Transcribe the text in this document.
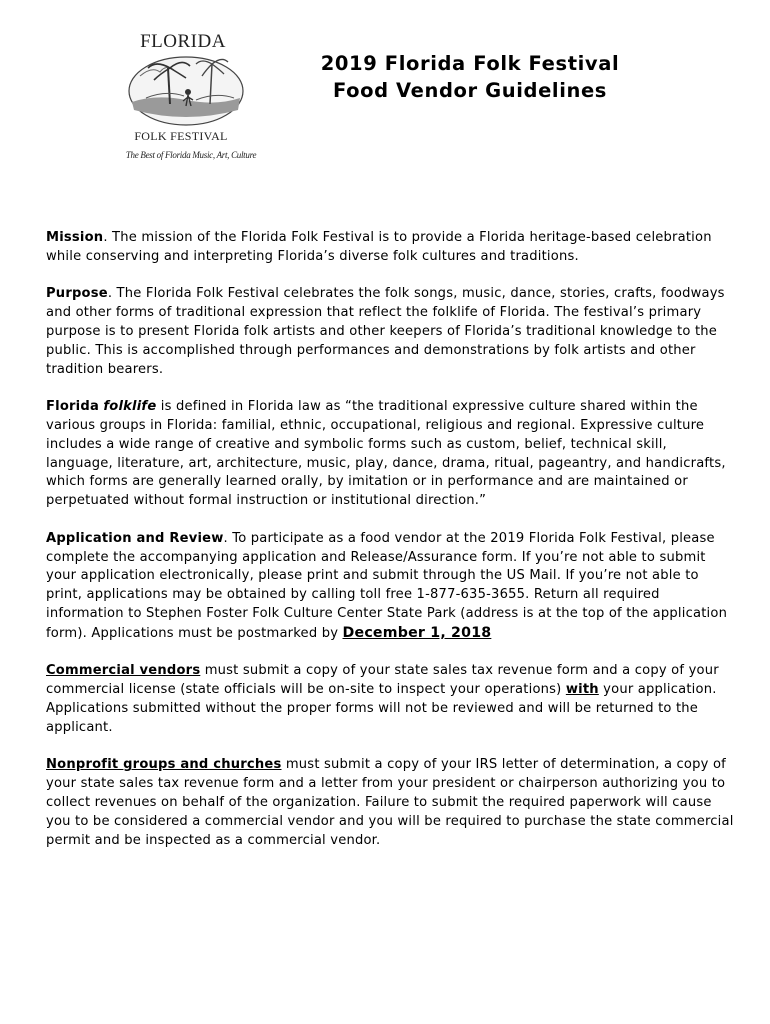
FLORIDA
FOLK FESTIVAL
The Best of Florida Music, Art, Culture
2019 Florida Folk Festival
Food Vendor Guidelines

Mission. The mission of the Florida Folk Festival is to provide a Florida heritage-based celebration while conserving and interpreting Florida’s diverse folk cultures and traditions.

Purpose. The Florida Folk Festival celebrates the folk songs, music, dance, stories, crafts, foodways and other forms of traditional expression that reflect the folklife of Florida. The festival’s primary purpose is to present Florida folk artists and other keepers of Florida’s traditional knowledge to the public. This is accomplished through performances and demonstrations by folk artists and other tradition bearers.

Florida folklife is defined in Florida law as “the traditional expressive culture shared within the various groups in Florida: familial, ethnic, occupational, religious and regional. Expressive culture includes a wide range of creative and symbolic forms such as custom, belief, technical skill, language, literature, art, architecture, music, play, dance, drama, ritual, pageantry, and handicrafts, which forms are generally learned orally, by imitation or in performance and are maintained or perpetuated without formal instruction or institutional direction.”

Application and Review. To participate as a food vendor at the 2019 Florida Folk Festival, please complete the accompanying application and Release/Assurance form. If you’re not able to submit your application electronically, please print and submit through the US Mail. If you’re not able to print, applications may be obtained by calling toll free 1-877-635-3655. Return all required information to Stephen Foster Folk Culture Center State Park (address is at the top of the application form). Applications must be postmarked by December 1, 2018

Commercial vendors must submit a copy of your state sales tax revenue form and a copy of your commercial license (state officials will be on-site to inspect your operations) with your application. Applications submitted without the proper forms will not be reviewed and will be returned to the applicant.

Nonprofit groups and churches must submit a copy of your IRS letter of determination, a copy of your state sales tax revenue form and a letter from your president or chairperson authorizing you to collect revenues on behalf of the organization. Failure to submit the required paperwork will cause you to be considered a commercial vendor and you will be required to purchase the state commercial permit and be inspected as a commercial vendor.
